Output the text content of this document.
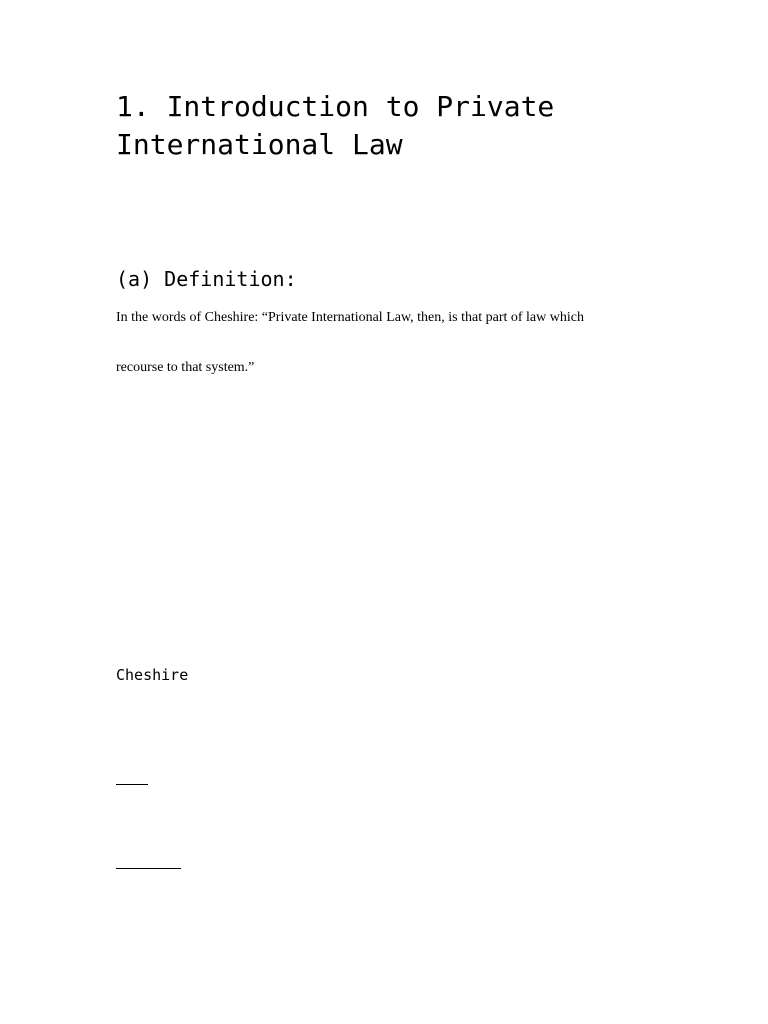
1. Introduction to Private
International Law
(a) Definition:

In the words of Cheshire: “Private International Law, then, is that part of law which

recourse to that system.”

Cheshire
